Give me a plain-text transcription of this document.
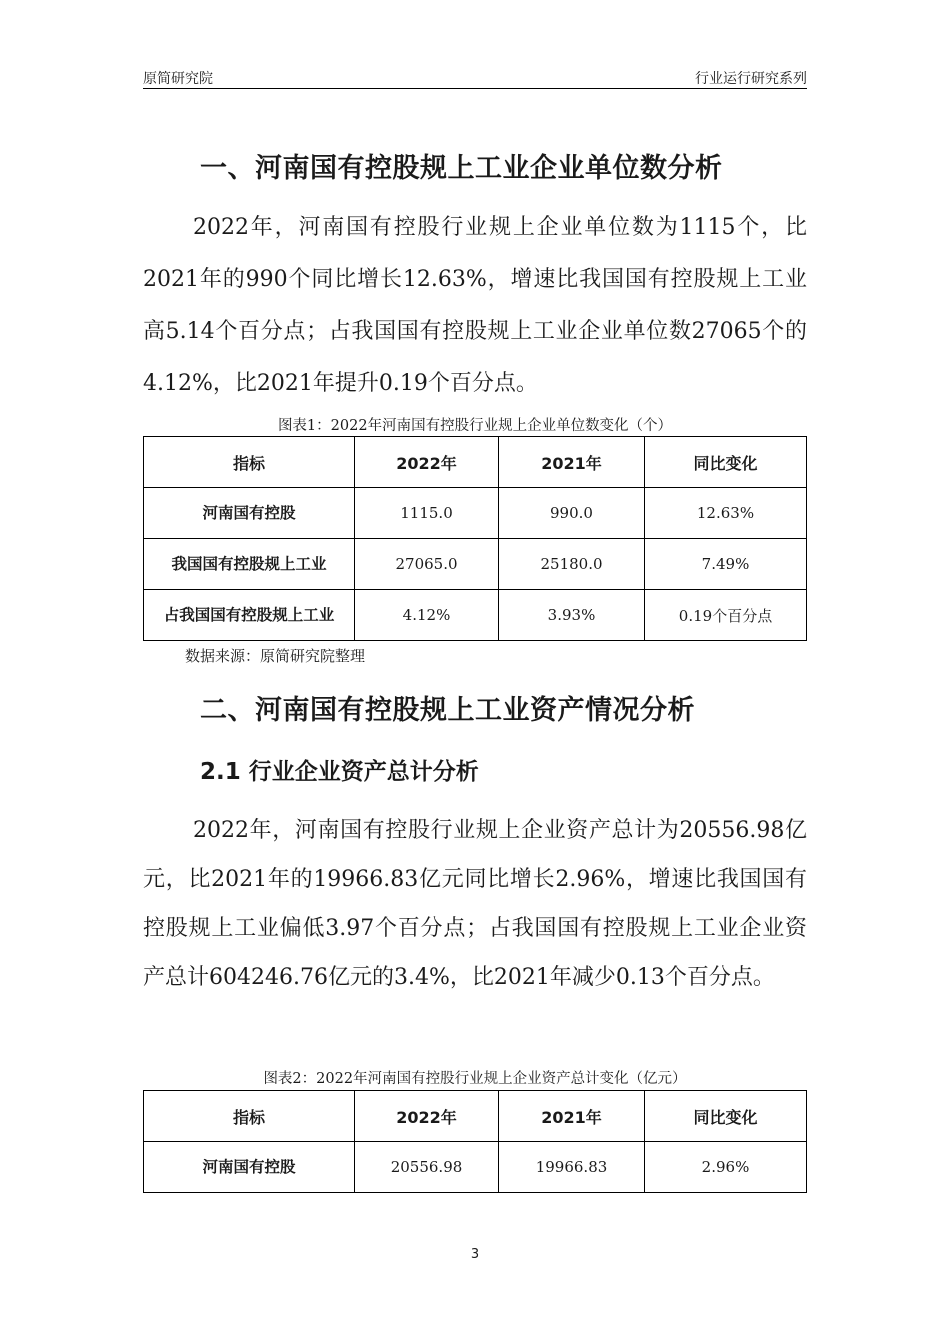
原简研究院	行业运行研究系列
一、河南国有控股规上工业企业单位数分析

2022年，河南国有控股行业规上企业单位数为1115个，比2021年的990个同比增长12.63%，增速比我国国有控股规上工业高5.14个百分点；占我国国有控股规上工业企业单位数27065个的4.12%，比2021年提升0.19个百分点。

图表1：2022年河南国有控股行业规上企业单位数变化（个）
指标	2022年	2021年	同比变化
河南国有控股	1115.0	990.0	12.63%
我国国有控股规上工业	27065.0	25180.0	7.49%
占我国国有控股规上工业	4.12%	3.93%	0.19个百分点
数据来源：原简研究院整理
二、河南国有控股规上工业资产情况分析
2.1 行业企业资产总计分析

2022年，河南国有控股行业规上企业资产总计为20556.98亿元，比2021年的19966.83亿元同比增长2.96%，增速比我国国有控股规上工业偏低3.97个百分点；占我国国有控股规上工业企业资产总计604246.76亿元的3.4%，比2021年减少0.13个百分点。

图表2：2022年河南国有控股行业规上企业资产总计变化（亿元）
指标	2022年	2021年	同比变化
河南国有控股	20556.98	19966.83	2.96%
3
